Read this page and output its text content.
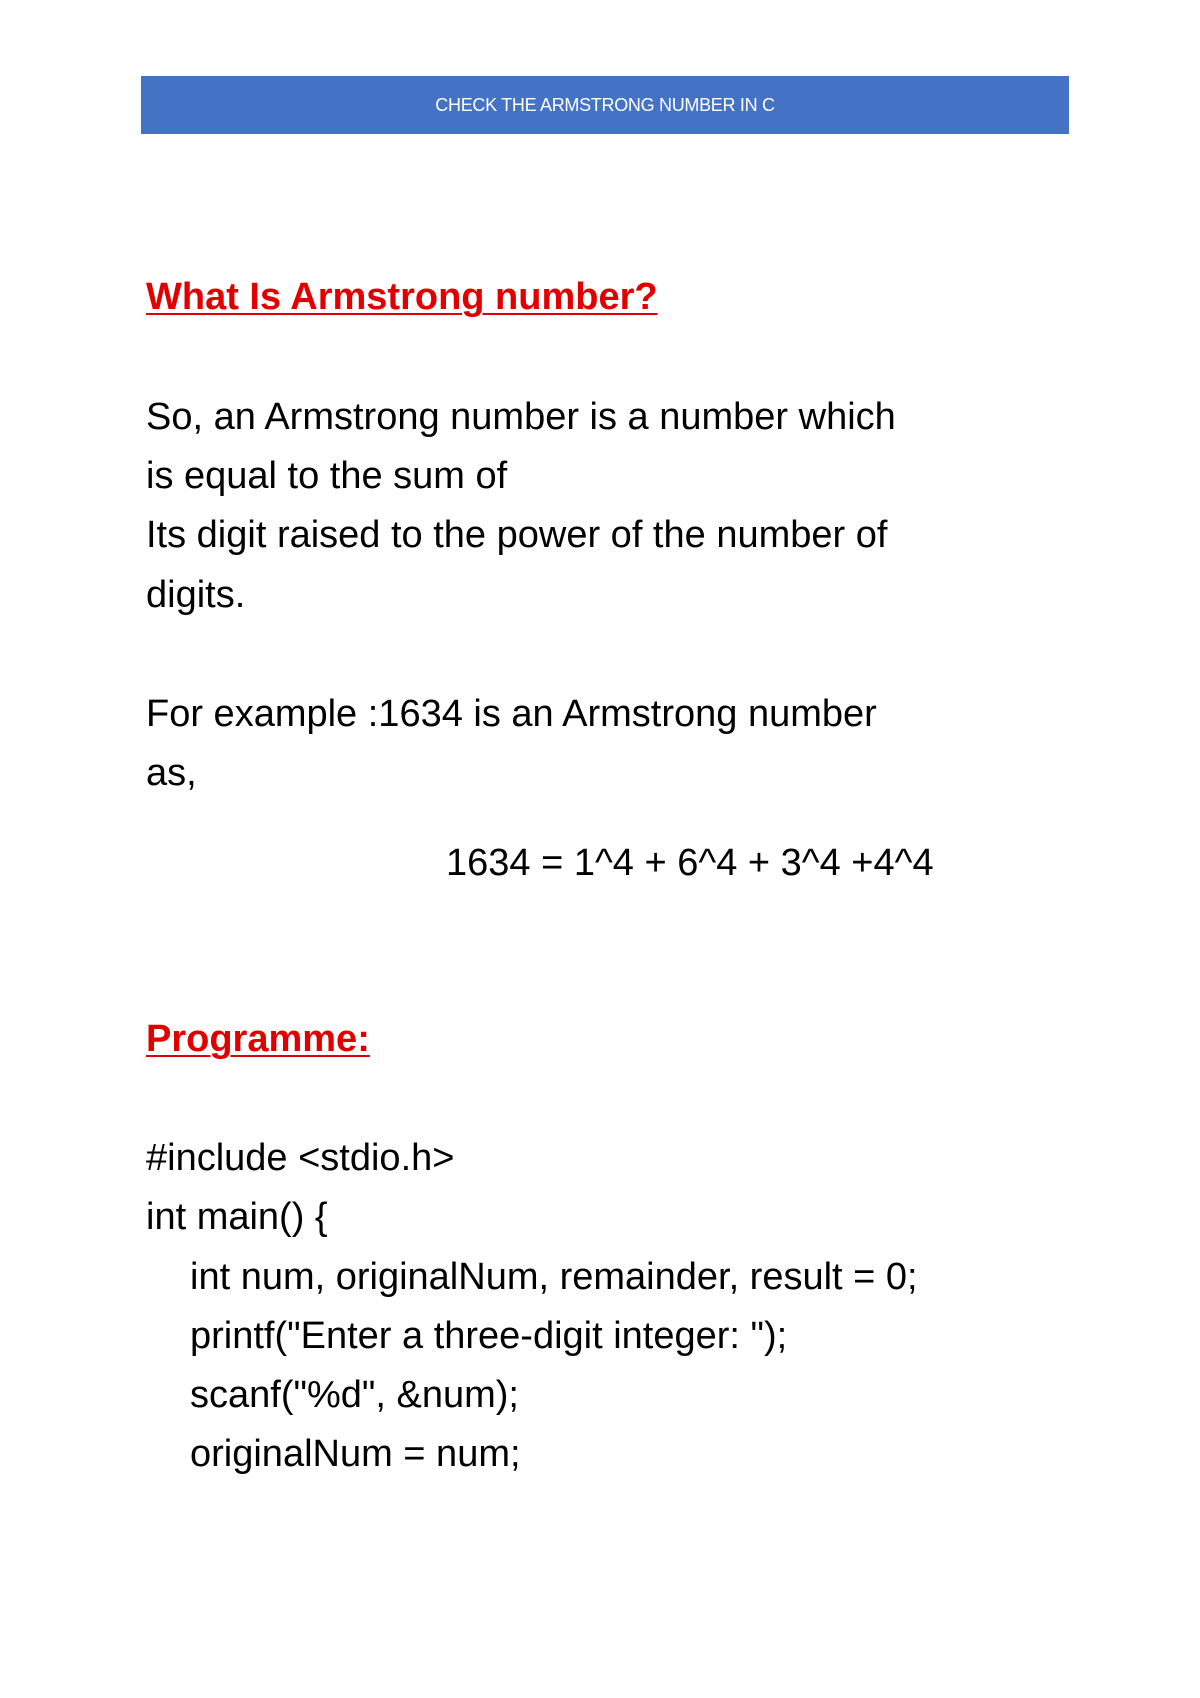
CHECK THE ARMSTRONG NUMBER IN C
What Is Armstrong number?
So, an Armstrong number is a number which
is equal to the sum of
Its digit raised to the power of the number of
digits.
For example :1634 is an Armstrong number
as,
1634 = 1^4 + 6^4 + 3^4 +4^4
Programme:
#include <stdio.h>
int main() {
int num, originalNum, remainder, result = 0;
printf("Enter a three-digit integer: ");
scanf("%d", &num);
originalNum = num;
